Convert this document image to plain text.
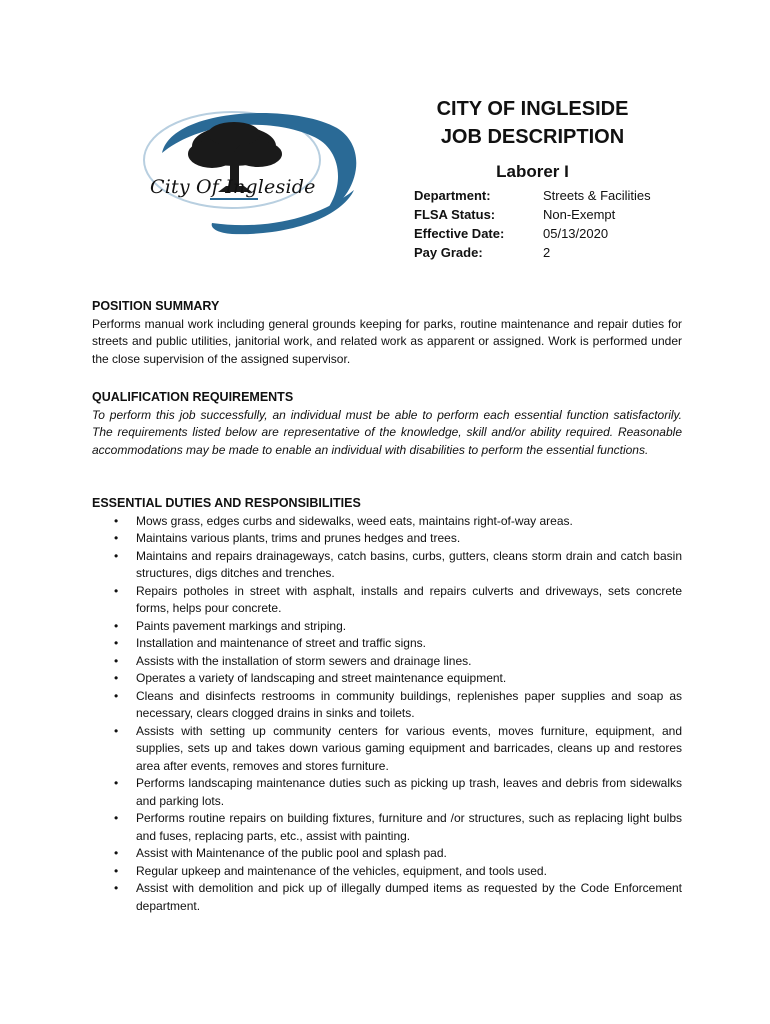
City Of Ingleside
CITY OF INGLESIDE
JOB DESCRIPTION
Laborer I
Department:	Streets & Facilities
FLSA Status:	Non-Exempt
Effective Date:	05/13/2020
Pay Grade:	2
POSITION SUMMARY
Performs manual work including general grounds keeping for parks, routine maintenance and repair duties for streets and public utilities, janitorial work, and related work as apparent or assigned. Work is performed under the close supervision of the assigned supervisor.
QUALIFICATION REQUIREMENTS
To perform this job successfully, an individual must be able to perform each essential function satisfactorily. The requirements listed below are representative of the knowledge, skill and/or ability required. Reasonable accommodations may be made to enable an individual with disabilities to perform the essential functions.
ESSENTIAL DUTIES AND RESPONSIBILITIES
• Mows grass, edges curbs and sidewalks, weed eats, maintains right-of-way areas.
• Maintains various plants, trims and prunes hedges and trees.
• Maintains and repairs drainageways, catch basins, curbs, gutters, cleans storm drain and catch basin structures, digs ditches and trenches.
• Repairs potholes in street with asphalt, installs and repairs culverts and driveways, sets concrete forms, helps pour concrete.
• Paints pavement markings and striping.
• Installation and maintenance of street and traffic signs.
• Assists with the installation of storm sewers and drainage lines.
• Operates a variety of landscaping and street maintenance equipment.
• Cleans and disinfects restrooms in community buildings, replenishes paper supplies and soap as necessary, clears clogged drains in sinks and toilets.
• Assists with setting up community centers for various events, moves furniture, equipment, and supplies, sets up and takes down various gaming equipment and barricades, cleans up and restores area after events, removes and stores furniture.
• Performs landscaping maintenance duties such as picking up trash, leaves and debris from sidewalks and parking lots.
• Performs routine repairs on building fixtures, furniture and /or structures, such as replacing light bulbs and fuses, replacing parts, etc., assist with painting.
• Assist with Maintenance of the public pool and splash pad.
• Regular upkeep and maintenance of the vehicles, equipment, and tools used.
• Assist with demolition and pick up of illegally dumped items as requested by the Code Enforcement department.
